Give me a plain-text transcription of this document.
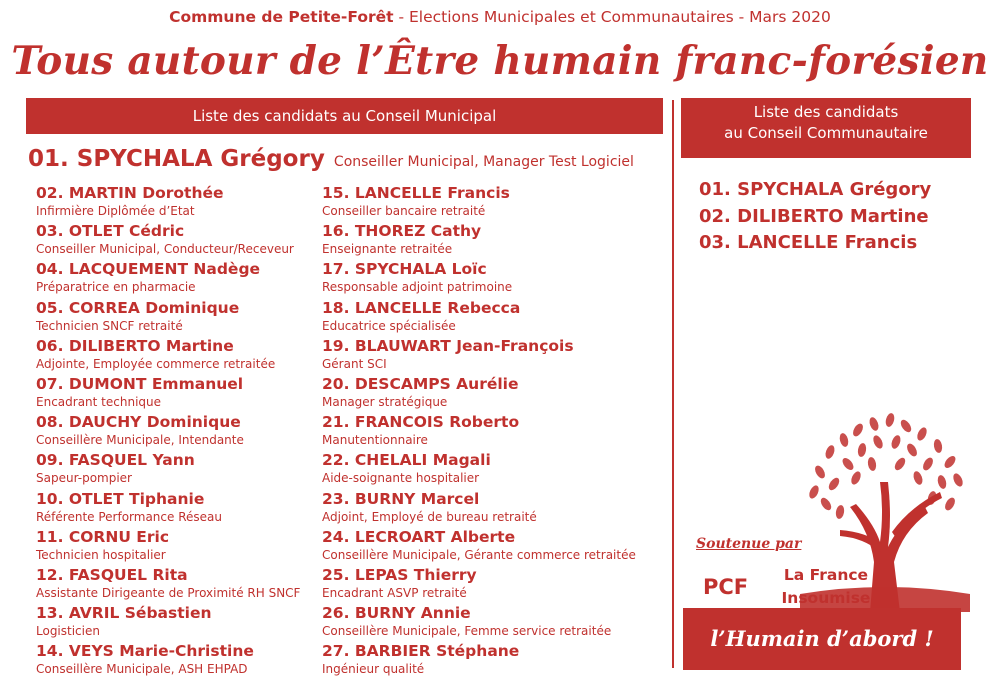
Commune de Petite-Forêt - Elections Municipales et Communautaires - Mars 2020
Tous autour de l’Être humain franc-forésien
Liste des candidats au Conseil Municipal	Liste des candidats
au Conseil Communautaire
01. SPYCHALA Grégory Conseiller Municipal, Manager Test Logiciel
02. MARTIN Dorothée
Infirmière Diplômée d’Etat
03. OTLET Cédric
Conseiller Municipal, Conducteur/Receveur
04. LACQUEMENT Nadège
Préparatrice en pharmacie
05. CORREA Dominique
Technicien SNCF retraité
06. DILIBERTO Martine
Adjointe, Employée commerce retraitée
07. DUMONT Emmanuel
Encadrant technique
08. DAUCHY Dominique
Conseillère Municipale, Intendante
09. FASQUEL Yann
Sapeur-pompier
10. OTLET Tiphanie
Référente Performance Réseau
11. CORNU Eric
Technicien hospitalier
12. FASQUEL Rita
Assistante Dirigeante de Proximité RH SNCF
13. AVRIL Sébastien
Logisticien
14. VEYS Marie-Christine
Conseillère Municipale, ASH EHPAD
15. LANCELLE Francis
Conseiller bancaire retraité
16. THOREZ Cathy
Enseignante retraitée
17. SPYCHALA Loïc
Responsable adjoint patrimoine
18. LANCELLE Rebecca
Educatrice spécialisée
19. BLAUWART Jean-François
Gérant SCI
20. DESCAMPS Aurélie
Manager stratégique
21. FRANCOIS Roberto
Manutentionnaire
22. CHELALI Magali
Aide-soignante hospitalier
23. BURNY Marcel
Adjoint, Employé de bureau retraité
24. LECROART Alberte
Conseillère Municipale, Gérante commerce retraitée
25. LEPAS Thierry
Encadrant ASVP retraité
26. BURNY Annie
Conseillère Municipale, Femme service retraitée
27. BARBIER Stéphane
Ingénieur qualité
01. SPYCHALA Grégory
02. DILIBERTO Martine
03. LANCELLE Francis
Soutenue par
PCF	La France
Insoumise
l’Humain d’abord !
